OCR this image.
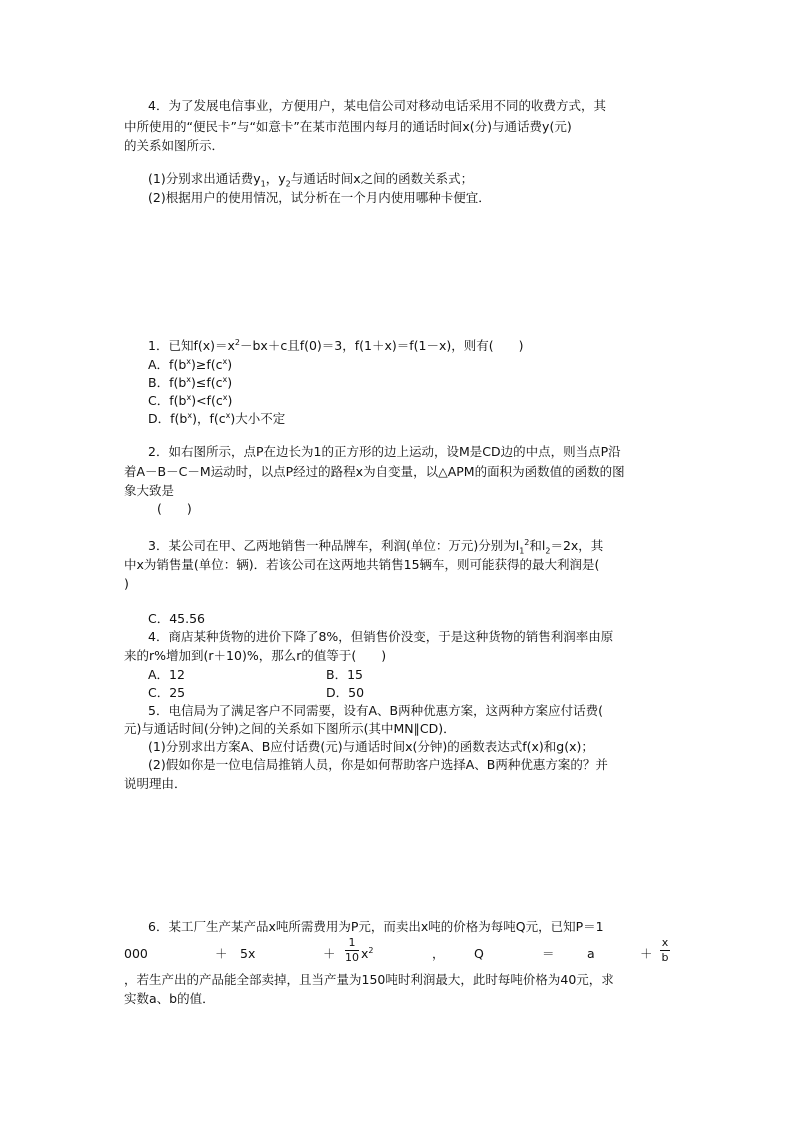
4．为了发展电信事业，方便用户，某电信公司对移动电话采用不同的收费方式，其
中所使用的“便民卡”与“如意卡”在某市范围内每月的通话时间x(分)与通话费y(元)
的关系如图所示．
(1)分别求出通话费$y_1$，$y_2$与通话时间x之间的函数关系式；
(2)根据用户的使用情况，试分析在一个月内使用哪种卡便宜．
1．已知$f(x)=x^2-bx+c$且f(0)＝3，f(1＋x)＝f(1－x)，则有(　　)
A．$f(b^x)\ge f(c^x)$
B．$f(b^x)\le f(c^x)$
C．$f(b^x)<f(c^x)$
D．$f(b^x)$，$f(c^x)$大小不定
2．如右图所示，点P在边长为1的正方形的边上运动，设M是CD边的中点，则当点P沿
着A－B－C－M运动时，以点P经过的路程x为自变量，以△APM的面积为函数值的函数的图
象大致是
(　　)
3．某公司在甲、乙两地销售一种品牌车，利润(单位：万元)分别为$l_1^2$和$l_2=2x$，其
中x为销售量(单位：辆)．若该公司在这两地共销售15辆车，则可能获得的最大利润是(
)
C．45.56
4．商店某种货物的进价下降了8%，但销售价没变，于是这种货物的销售利润率由原
来的r%增加到(r＋10)%，那么r的值等于(　　)
A．12	B．15
C．25	D．50
5．电信局为了满足客户不同需要，设有A、B两种优惠方案，这两种方案应付话费(
元)与通话时间(分钟)之间的关系如下图所示(其中MN∥CD)．
(1)分别求出方案A、B应付话费(元)与通话时间x(分钟)的函数表达式f(x)和g(x)；
(2)假如你是一位电信局推销人员，你是如何帮助客户选择A、B两种优惠方案的？并
说明理由．
6．某工厂生产某产品x吨所需费用为P元，而卖出x吨的价格为每吨Q元，已知P＝1
000	＋　5x	＋
1
10 $x^2$	， Q	＝	a	＋
x
b
，若生产出的产品能全部卖掉，且当产量为150吨时利润最大，此时每吨价格为40元，求
实数a、b的值．
